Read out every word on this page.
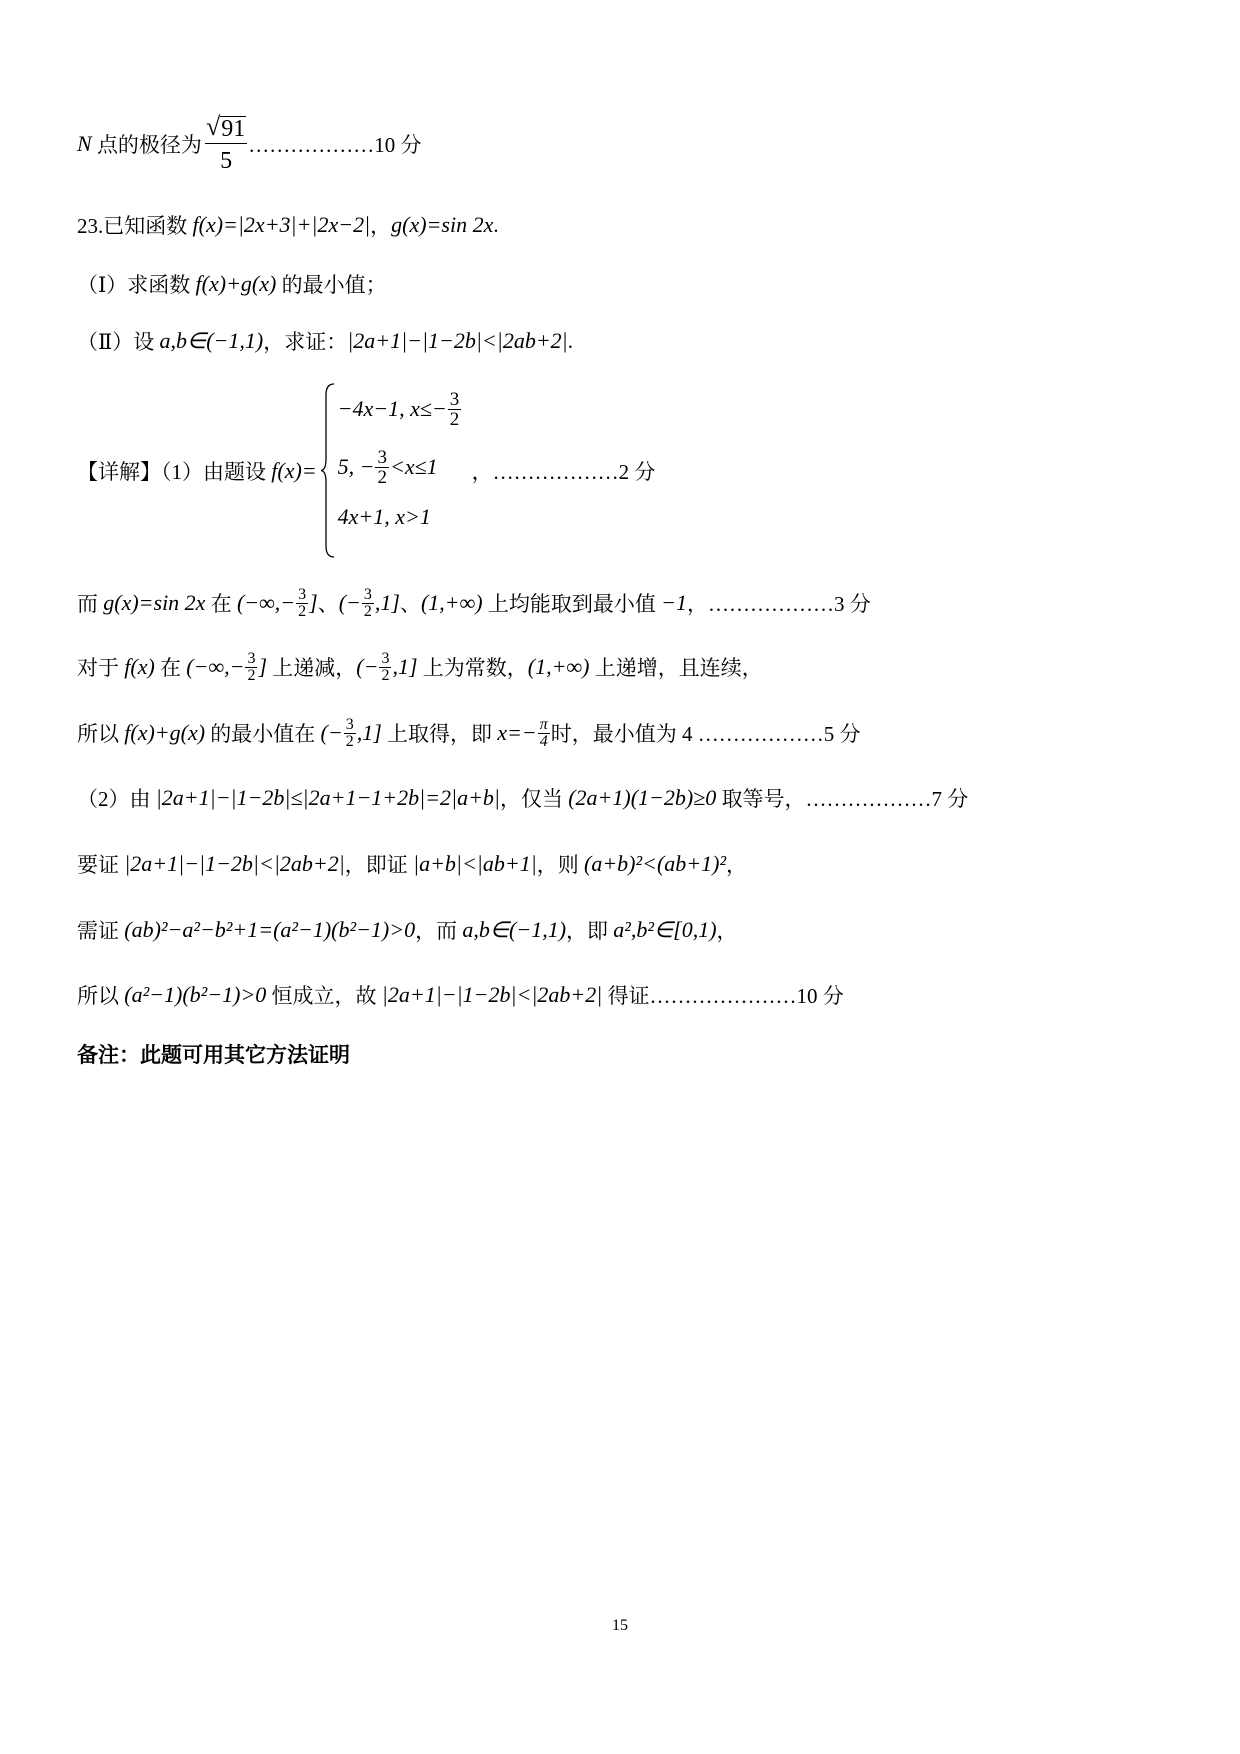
N 点的极径为 $\frac{√ 91}{5}$ ………………10 分
23.已知函数 f(x)=|2x+3|+|2x−2| ， g(x)=sin 2x .
（Ⅰ）求函数 f(x)+g(x) 的最小值；
（Ⅱ）设 a,b∈(−1,1) ，求证： |2a+1|−|1−2b|<|2ab+2| .
【详解】（1）由题设 f(x)=
−4x−1, $x\le- \frac{3}{2}$
5, − $\frac{3}{2} <x\le 1$
4x+1, x>1
，………………2 分
而 g(x)=sin 2x 在 (−∞,− $\frac{3}{2}$ ] 、 (− $\frac{3}{2} ,1$] 、 (1,+∞) 上均能取到最小值 −1 ，………………3 分
对于 f(x) 在 (−∞,− $\frac{3}{2}$ ] 上递减， (− $\frac{3}{2} ,1$] 上为常数， (1,+∞) 上递增，且连续，
所以 f(x)+g(x) 的最小值在 (− $\frac{3}{2} ,1$] 上取得，即 $x=- \frac{\pi}{4}$ 时，最小值为 4 ………………5 分
（2）由 |2a+1|−|1−2b|≤|2a+1−1+2b|=2|a+b| ，仅当 (2a+1)(1−2b)≥0 取等号，………………7 分
要证 |2a+1|−|1−2b|<|2ab+2| ，即证 |a+b|<|ab+1| ，则 (a+b)²<(ab+1)² ，
需证 (ab)²−a²−b²+1=(a²−1)(b²−1)>0 ，而 a,b∈(−1,1) ，即 a²,b²∈[0,1) ，
所以 (a²−1)(b²−1)>0 恒成立，故 |2a+1|−|1−2b|<|2ab+2| 得证…………………10 分
备注：此题可用其它方法证明
15
